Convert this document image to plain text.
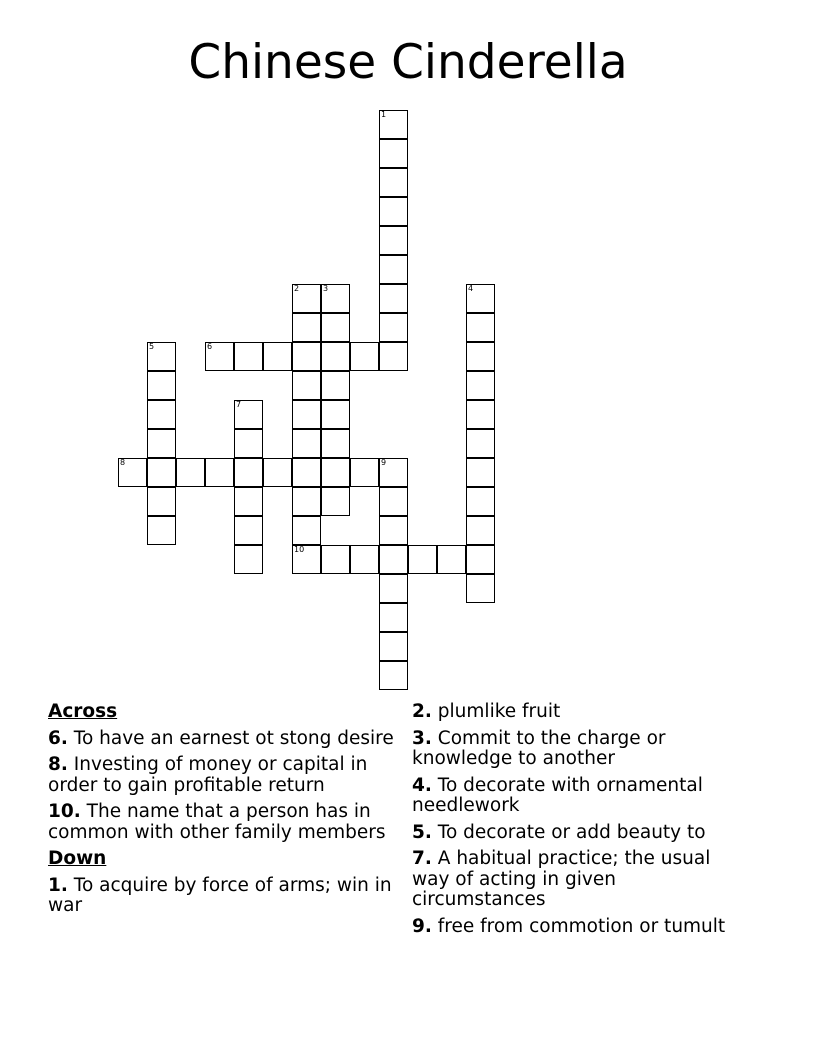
Chinese Cinderella
1
2
10
3	4
5	6
7
8	9
Across
6. To have an earnest ot stong desire
8. Investing of money or capital in order to gain profitable return
10. The name that a person has in common with other family members
Down
1. To acquire by force of arms; win in war
2. plumlike fruit
3. Commit to the charge or knowledge to another
4. To decorate with ornamental needlework
5. To decorate or add beauty to
7. A habitual practice; the usual way of acting in given circumstances
9. free from commotion or tumult
